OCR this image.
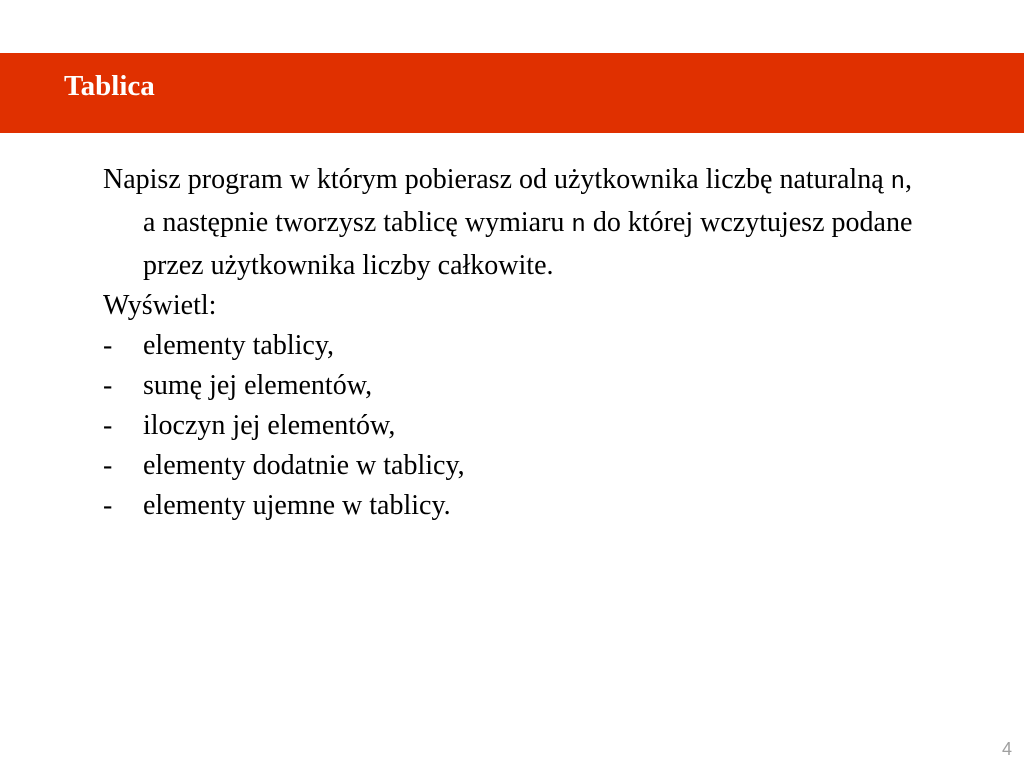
Tablica

Napisz program w którym pobierasz od użytkownika liczbę naturalną n, a następnie tworzysz tablicę wymiaru n do której wczytujesz podane przez użytkownika liczby całkowite.

Wyświetl:

-	elementy tablicy,
-	sumę jej elementów,
-	iloczyn jej elementów,
-	elementy dodatnie w tablicy,
-	elementy ujemne w tablicy.
4
